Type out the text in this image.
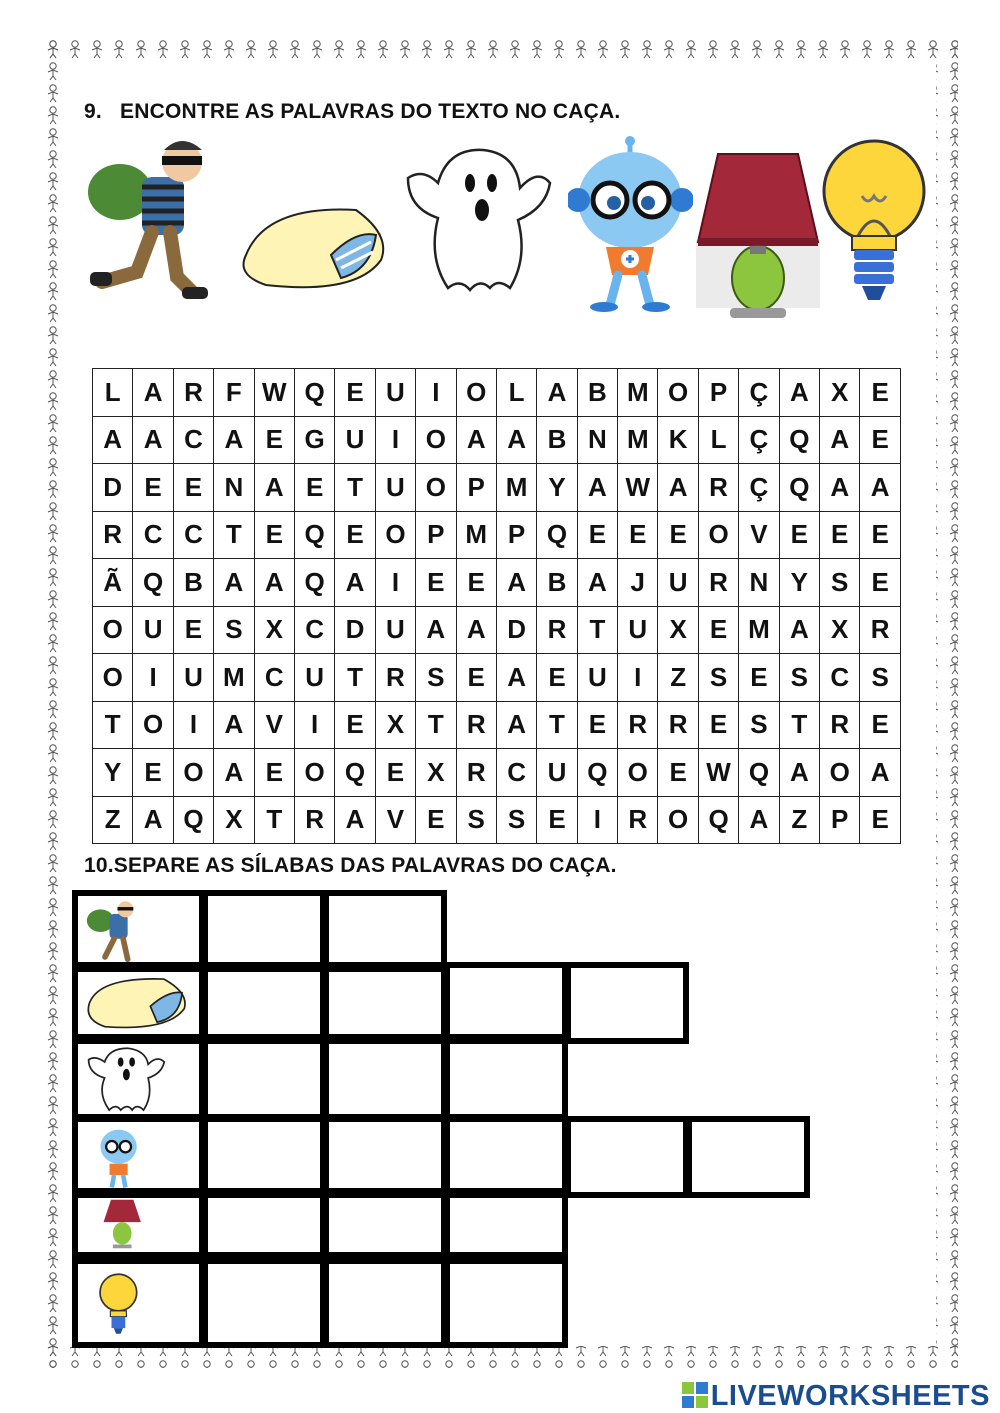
9. ENCONTRE AS PALAVRAS DO TEXTO NO CAÇA.
L	A	R	F	W	Q	E	U	I	O	L	A	B	M	O	P	Ç	A	X	E
A	A	C	A	E	G	U	I	O	A	A	B	N	M	K	L	Ç	Q	A	E
D	E	E	N	A	E	T	U	O	P	M	Y	A	W	A	R	Ç	Q	A	A
R	C	C	T	E	Q	E	O	P	M	P	Q	E	E	E	O	V	E	E	E
Ã	Q	B	A	A	Q	A	I	E	E	A	B	A	J	U	R	N	Y	S	E
O	U	E	S	X	C	D	U	A	A	D	R	T	U	X	E	M	A	X	R
O	I	U	M	C	U	T	R	S	E	A	E	U	I	Z	S	E	S	C	S
T	O	I	A	V	I	E	X	T	R	A	T	E	R	R	E	S	T	R	E
Y	E	O	A	E	O	Q	E	X	R	C	U	Q	O	E	W	Q	A	O	A
Z	A	Q	X	T	R	A	V	E	S	S	E	I	R	O	Q	A	Z	P	E
10.SEPARE AS SÍLABAS DAS PALAVRAS DO CAÇA.
LIVEWORKSHEETS
